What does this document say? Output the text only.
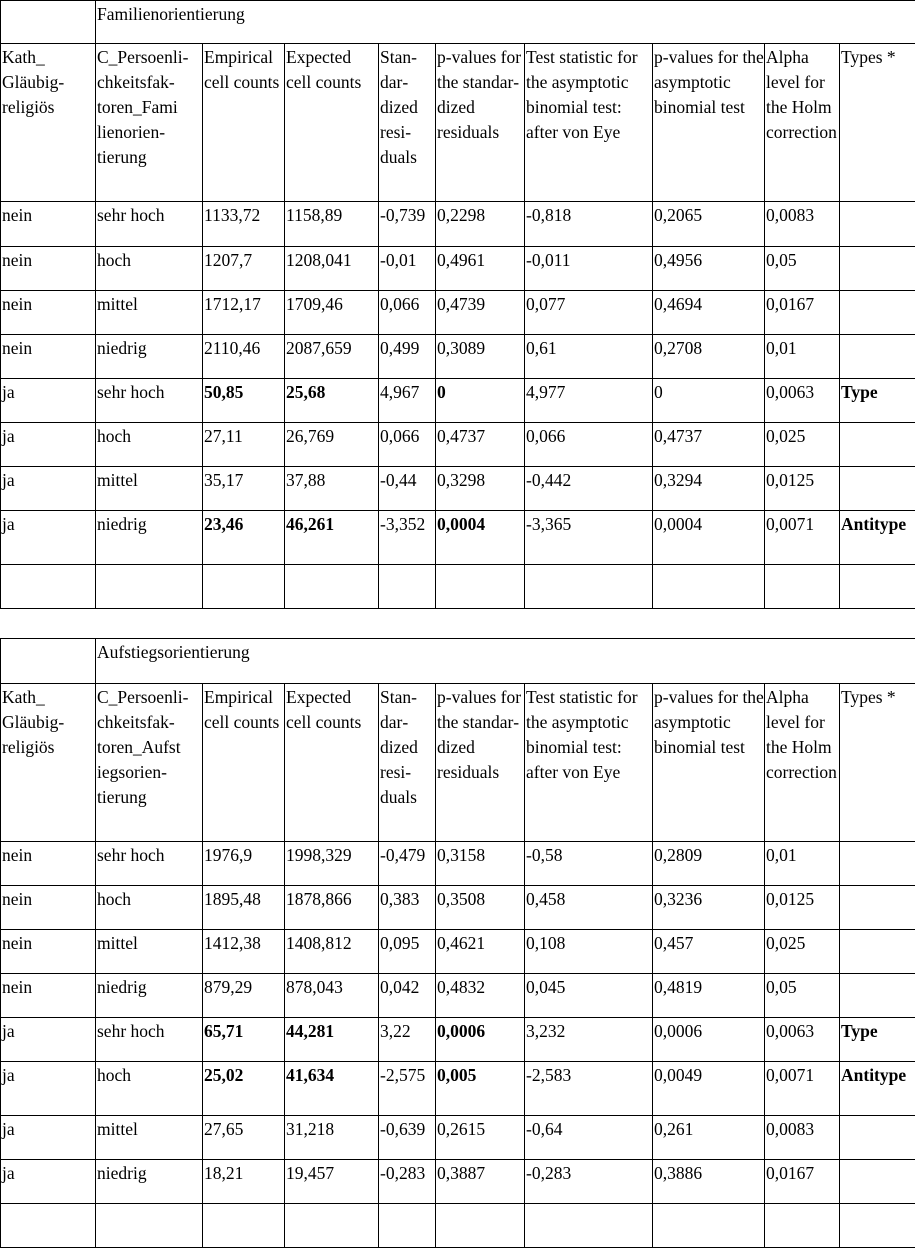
	Familienorientierung								
Kath_ Gläubigreligiös	C_Persoenlichkeitsfaktoren_Fami lienorientierung	Empirical cell counts	Expected cell counts	Standardized residuals	p-values for the standardized residuals	Test statistic for the asymptotic binomial test: after von Eye	p-values for the asymptotic binomial test	Alpha level for the Holm correction	Types *
nein	sehr hoch	1133,72	1158,89	-0,739	0,2298	-0,818	0,2065	0,0083	
nein	hoch	1207,7	1208,041	-0,01	0,4961	-0,011	0,4956	0,05	
nein	mittel	1712,17	1709,46	0,066	0,4739	0,077	0,4694	0,0167	
nein	niedrig	2110,46	2087,659	0,499	0,3089	0,61	0,2708	0,01	
ja	sehr hoch	50,85	25,68	4,967	0	4,977	0	0,0063	Type
ja	hoch	27,11	26,769	0,066	0,4737	0,066	0,4737	0,025	
ja	mittel	35,17	37,88	-0,44	0,3298	-0,442	0,3294	0,0125	
ja	niedrig	23,46	46,261	-3,352	0,0004	-3,365	0,0004	0,0071	Antitype

	Aufstiegsorientierung								
Kath_ Gläubigreligiös	C_Persoenlichkeitsfaktoren_Aufst iegsorientierung	Empirical cell counts	Expected cell counts	Standardized residuals	p-values for the standardized residuals	Test statistic for the asymptotic binomial test: after von Eye	p-values for the asymptotic binomial test	Alpha level for the Holm correction	Types *
nein	sehr hoch	1976,9	1998,329	-0,479	0,3158	-0,58	0,2809	0,01	
nein	hoch	1895,48	1878,866	0,383	0,3508	0,458	0,3236	0,0125	
nein	mittel	1412,38	1408,812	0,095	0,4621	0,108	0,457	0,025	
nein	niedrig	879,29	878,043	0,042	0,4832	0,045	0,4819	0,05	
ja	sehr hoch	65,71	44,281	3,22	0,0006	3,232	0,0006	0,0063	Type
ja	hoch	25,02	41,634	-2,575	0,005	-2,583	0,0049	0,0071	Antitype
ja	mittel	27,65	31,218	-0,639	0,2615	-0,64	0,261	0,0083	
ja	niedrig	18,21	19,457	-0,283	0,3887	-0,283	0,3886	0,0167	
